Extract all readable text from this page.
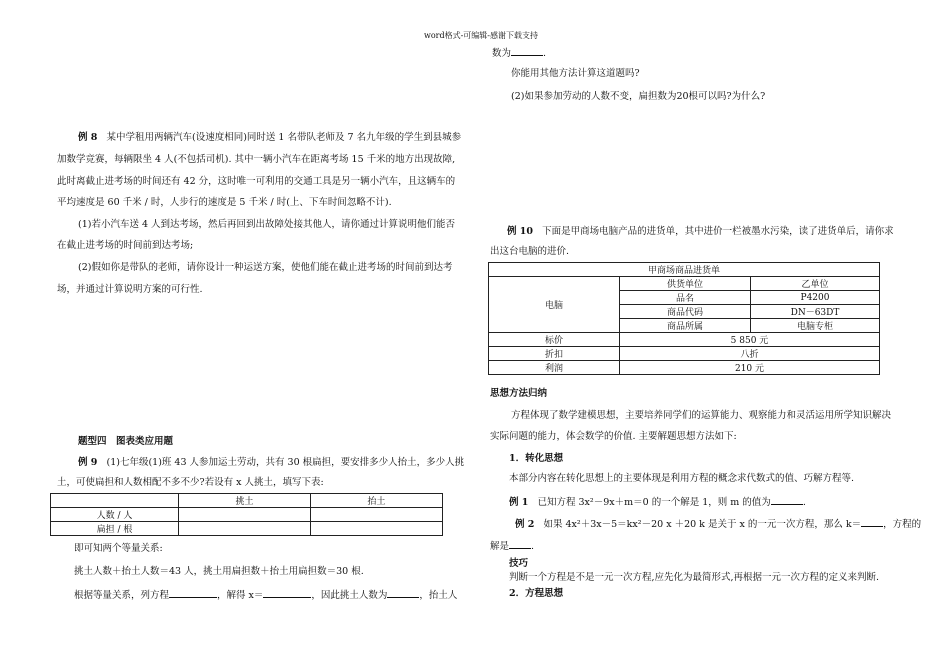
word格式-可编辑-感谢下载支持
例 8 某中学租用两辆汽车(设速度相同)同时送 1 名带队老师及 7 名九年级的学生到县城参
加数学竞赛，每辆限坐 4 人(不包括司机). 其中一辆小汽车在距离考场 15 千米的地方出现故障,
此时离截止进考场的时间还有 42 分，这时唯一可利用的交通工具是另一辆小汽车，且这辆车的
平均速度是 60 千米 / 时，人步行的速度是 5 千米 / 时(上、下车时间忽略不计).
(1)若小汽车送 4 人到达考场，然后再回到出故障处接其他人，请你通过计算说明他们能否
在截止进考场的时间前到达考场;
(2)假如你是带队的老师，请你设计一种运送方案，使他们能在截止进考场的时间前到达考
场，并通过计算说明方案的可行性.
题型四　图表类应用题
例 9 (1)七年级(1)班 43 人参加运土劳动，共有 30 根扁担，要安排多少人抬土，多少人挑
土，可使扁担和人数相配不多不少?若设有 x 人挑土，填写下表:
	挑土	抬土
人数 / 人		
扁担 / 根		
即可知两个等量关系:
挑土人数＋抬土人数＝43 人，挑土用扁担数＋抬土用扁担数＝30 根.
根据等量关系，列方程	，解得 x＝	，因此挑土人数为	，抬土人
数为	.
你能用其他方法计算这道题吗?
(2)如果参加劳动的人数不变，扁担数为20根可以吗?为什么?
例 10 下面是甲商场电脑产品的进货单，其中进价一栏被墨水污染，读了进货单后，请你求
出这台电脑的进价.
甲商场商品进货单		
电脑	供货单位	乙单位
	品名	P4200
	商品代码	DN－63DT
	商品所属	电脑专柜
标价	5 850 元	
折扣	八折	
利润	210 元	
思想方法归纳
方程体现了数学建模思想，主要培养同学们的运算能力、观察能力和灵活运用所学知识解决
实际问题的能力，体会数学的价值. 主要解题思想方法如下:
1．转化思想
本部分内容在转化思想上的主要体现是利用方程的概念求代数式的值、巧解方程等.
例 1 已知方程 3x²－9x＋m＝0 的一个解是 1，则 m 的值为	.
例 2 如果 4x²＋3x－5＝kx²－20 x ＋20 k 是关于 x 的一元一次方程，那么 k＝ ，方程的
解是 .
技巧
判断一个方程是不是一元一次方程,应先化为最简形式,再根据一元一次方程的定义来判断.
2．方程思想
